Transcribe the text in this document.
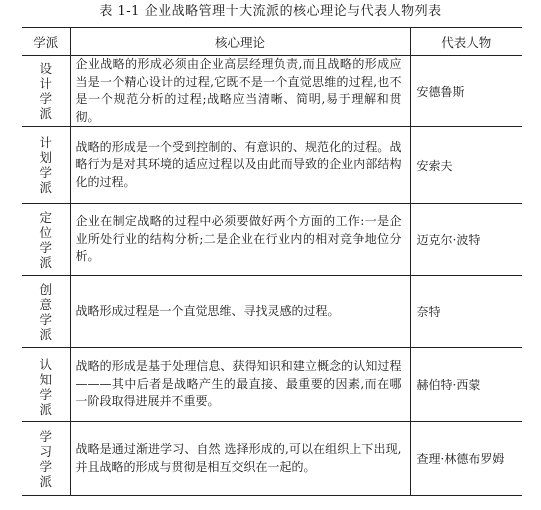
表 1-1 企业战略管理十大流派的核心理论与代表人物列表
学派	核心理论	代表人物
设计学派	企业战略的形成必须由企业高层经理负责,而且战略的形成应当是一个精心设计的过程,它既不是一个直觉思维的过程,也不是一个规范分析的过程;战略应当清晰、简明,易于理解和贯彻。	安德鲁斯
计划学派	战略的形成是一个受到控制的、有意识的、规范化的过程。战略行为是对其环境的适应过程以及由此而导致的企业内部结构化的过程。	安索夫
定位学派	企业在制定战略的过程中必须要做好两个方面的工作:一是企业所处行业的结构分析;二是企业在行业内的相对竞争地位分析。	迈克尔·波特
创意学派	战略形成过程是一个直觉思维、寻找灵感的过程。	奈特
认知学派	战略的形成是基于处理信息、获得知识和建立概念的认知过程———其中后者是战略产生的最直接、最重要的因素,而在哪一阶段取得进展并不重要。	赫伯特·西蒙
学习学派	战略是通过渐进学习、自然 选择形成的,可以在组织上下出现,并且战略的形成与贯彻是相互交织在一起的。	查理·林德布罗姆
